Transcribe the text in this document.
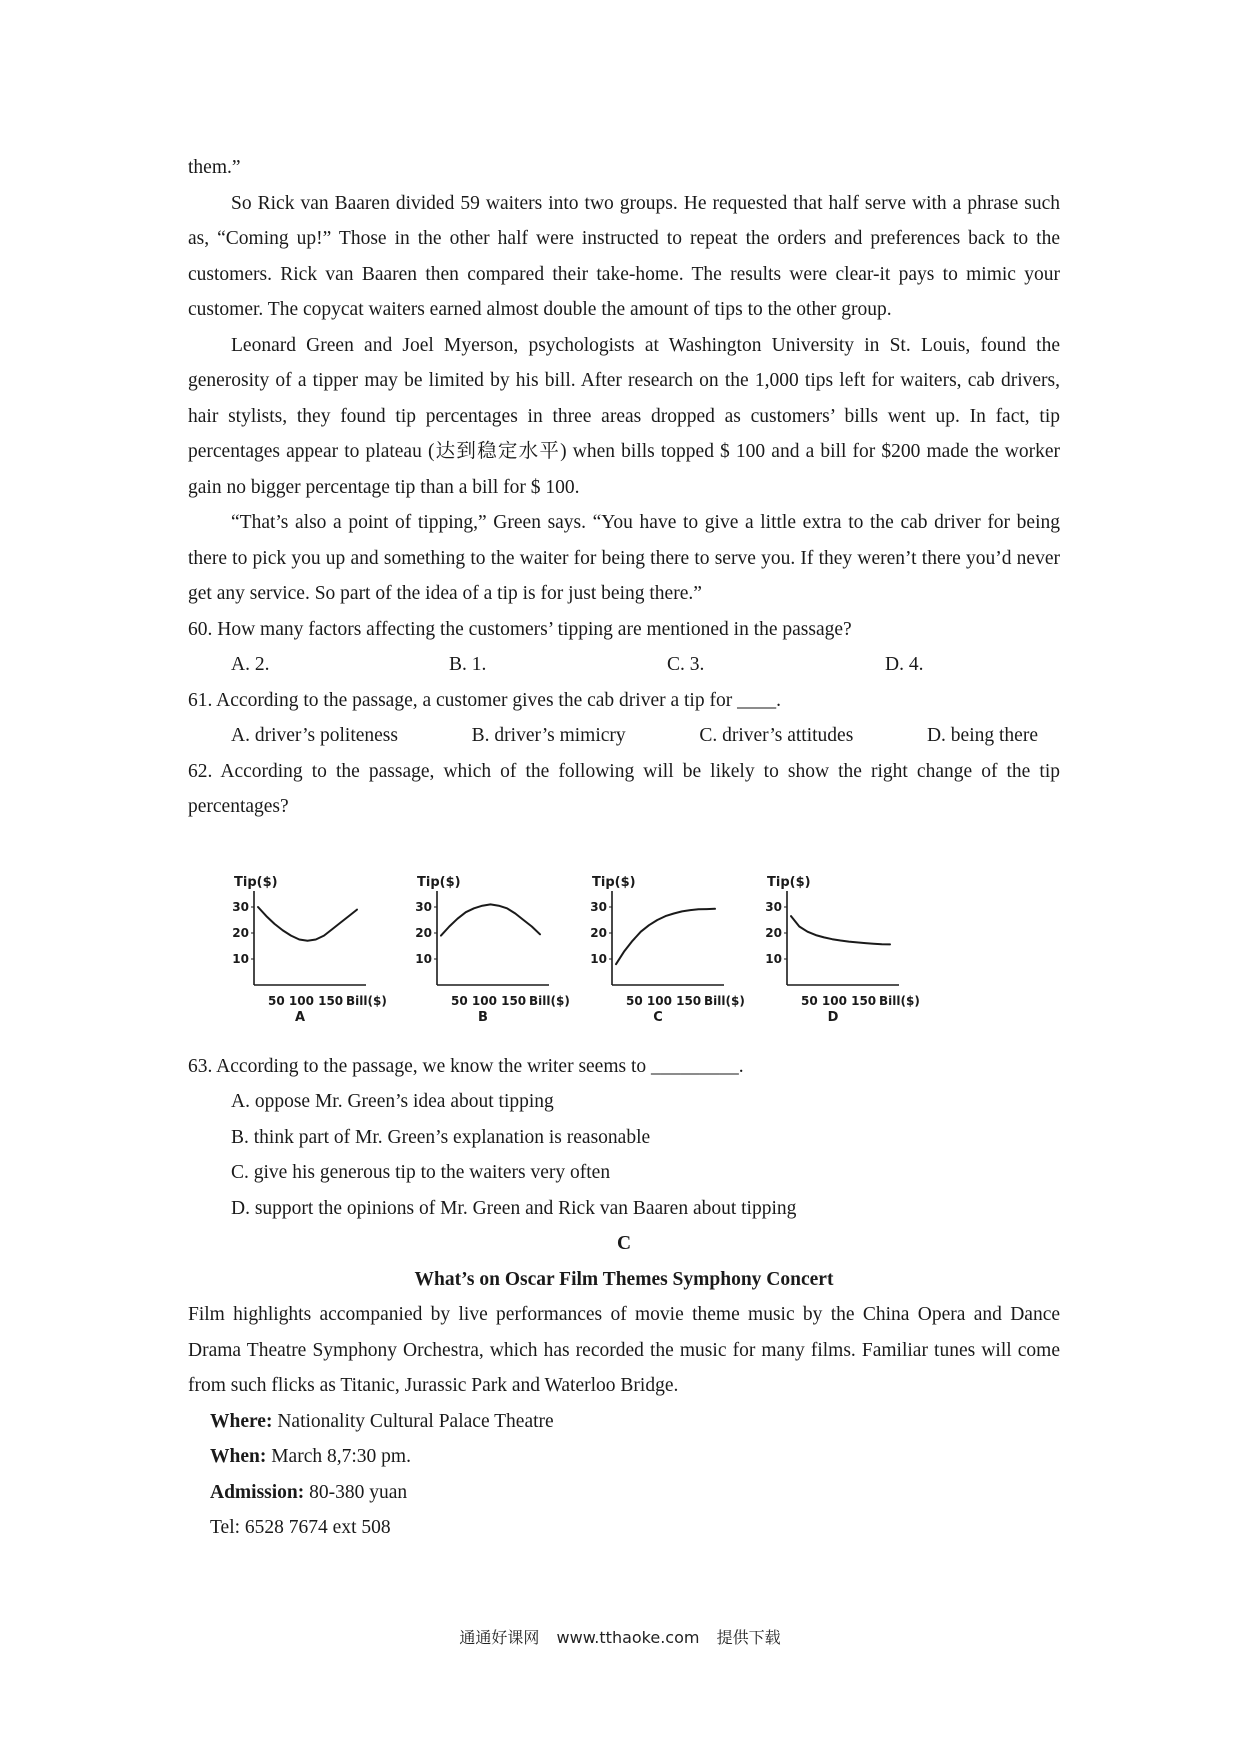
them.”

So Rick van Baaren divided 59 waiters into two groups. He requested that half serve with a phrase such as, “Coming up!” Those in the other half were instructed to repeat the orders and preferences back to the customers. Rick van Baaren then compared their take-home. The results were clear-it pays to mimic your customer. The copycat waiters earned almost double the amount of tips to the other group.

Leonard Green and Joel Myerson, psychologists at Washington University in St. Louis, found the generosity of a tipper may be limited by his bill. After research on the 1,000 tips left for waiters, cab drivers, hair stylists, they found tip percentages in three areas dropped as customers’ bills went up. In fact, tip percentages appear to plateau (达到稳定水平) when bills topped $ 100 and a bill for $200 made the worker gain no bigger percentage tip than a bill for $ 100.

“That’s also a point of tipping,” Green says. “You have to give a little extra to the cab driver for being there to pick you up and something to the waiter for being there to serve you. If they weren’t there you’d never get any service. So part of the idea of a tip is for just being there.”

60. How many factors affecting the customers’ tipping are mentioned in the passage?

A. 2.	B. 1.	C. 3.	D. 4.

61. According to the passage, a customer gives the cab driver a tip for ____.

A. driver’s politeness	B. driver’s mimicry	C. driver’s attitudes	D. being there

62. According to the passage, which of the following will be likely to show the right change of the tip percentages?

Tip($)
10
20
30
50 100 150 Bill($)
A
Tip($)
10
20
30
50 100 150 Bill($)
B
Tip($)
10
20
30
50 100 150 Bill($)
C
Tip($)
10
20
30
50 100 150 Bill($)
D

63. According to the passage, we know the writer seems to _________.

A. oppose Mr. Green’s idea about tipping
B. think part of Mr. Green’s explanation is reasonable
C. give his generous tip to the waiters very often
D. support the opinions of Mr. Green and Rick van Baaren about tipping
C
What’s on Oscar Film Themes Symphony Concert

Film highlights accompanied by live performances of movie theme music by the China Opera and Dance Drama Theatre Symphony Orchestra, which has recorded the music for many films. Familiar tunes will come from such flicks as Titanic, Jurassic Park and Waterloo Bridge.

Where: Nationality Cultural Palace Theatre
When: March 8,7:30 pm.
Admission: 80-380 yuan
Tel: 6528 7674 ext 508
通通好课网 www.tthaoke.com 提供下载
